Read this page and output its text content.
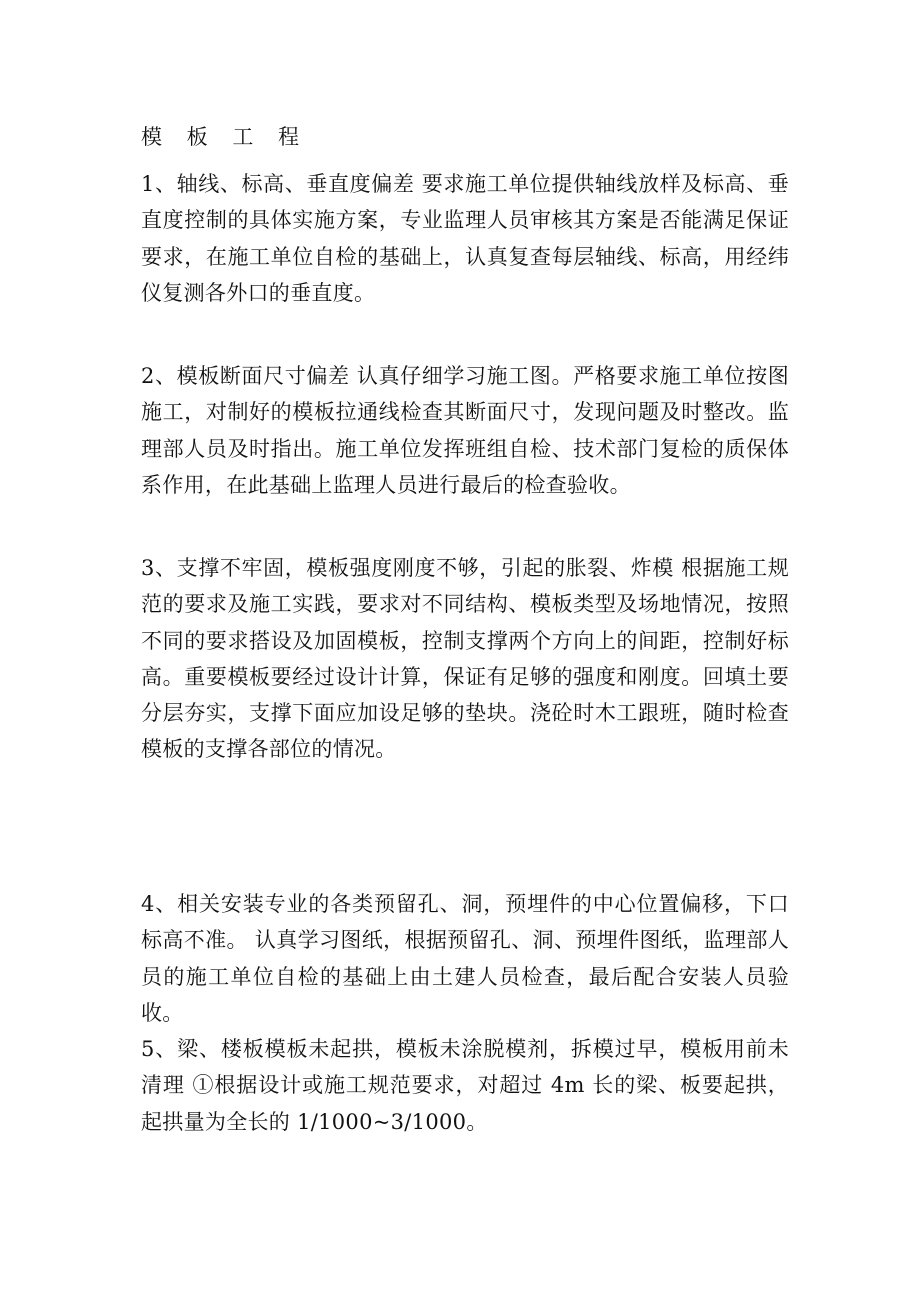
模 板 工 程

1、轴线、标高、垂直度偏差 要求施工单位提供轴线放样及标高、垂直度控制的具体实施方案，专业监理人员审核其方案是否能满足保证要求，在施工单位自检的基础上，认真复查每层轴线、标高，用经纬仪复测各外口的垂直度。

2、模板断面尺寸偏差 认真仔细学习施工图。严格要求施工单位按图施工，对制好的模板拉通线检查其断面尺寸，发现问题及时整改。监理部人员及时指出。施工单位发挥班组自检、技术部门复检的质保体系作用，在此基础上监理人员进行最后的检查验收。

3、支撑不牢固，模板强度刚度不够，引起的胀裂、炸模 根据施工规范的要求及施工实践，要求对不同结构、模板类型及场地情况，按照不同的要求搭设及加固模板，控制支撑两个方向上的间距，控制好标高。重要模板要经过设计计算，保证有足够的强度和刚度。回填土要分层夯实，支撑下面应加设足够的垫块。浇砼时木工跟班，随时检查模板的支撑各部位的情况。

4、相关安装专业的各类预留孔、洞，预埋件的中心位置偏移，下口标高不准。 认真学习图纸，根据预留孔、洞、预埋件图纸，监理部人员的施工单位自检的基础上由土建人员检查，最后配合安装人员验收。

5、梁、楼板模板未起拱，模板未涂脱模剂，拆模过早，模板用前未清理 ①根据设计或施工规范要求，对超过 4m 长的梁、板要起拱，起拱量为全长的 1/1000~3/1000。
